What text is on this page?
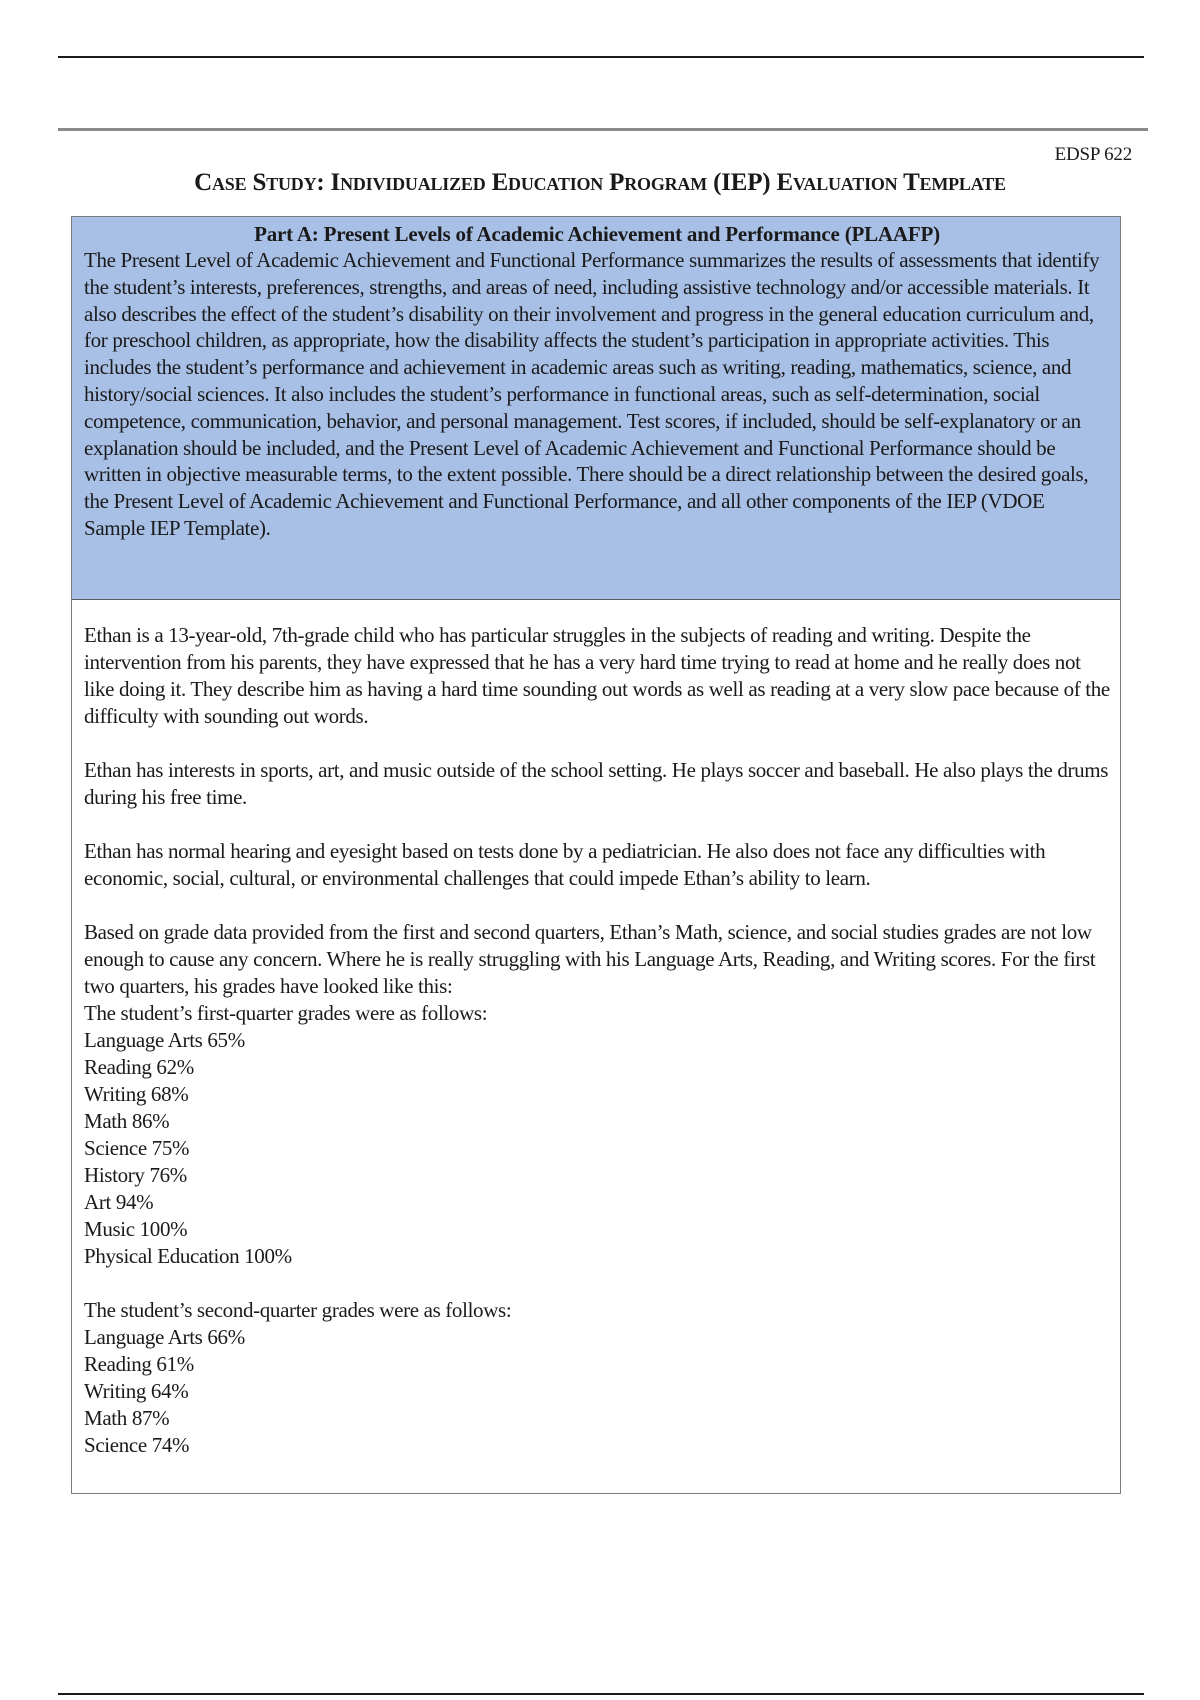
EDSP 622
Case Study: Individualized Education Program (IEP) Evaluation Template
Part A: Present Levels of Academic Achievement and Performance (PLAAFP)
The Present Level of Academic Achievement and Functional Performance summarizes the results of assessments that identify the student’s interests, preferences, strengths, and areas of need, including assistive technology and/or accessible materials. It also describes the effect of the student’s disability on their involvement and progress in the general education curriculum and, for preschool children, as appropriate, how the disability affects the student’s participation in appropriate activities. This includes the student’s performance and achievement in academic areas such as writing, reading, mathematics, science, and history/social sciences. It also includes the student’s performance in functional areas, such as self-determination, social competence, communication, behavior, and personal management. Test scores, if included, should be self-explanatory or an explanation should be included, and the Present Level of Academic Achievement and Functional Performance should be written in objective measurable terms, to the extent possible. There should be a direct relationship between the desired goals, the Present Level of Academic Achievement and Functional Performance, and all other components of the IEP (VDOE Sample IEP Template).

Ethan is a 13-year-old, 7th-grade child who has particular struggles in the subjects of reading and writing. Despite the intervention from his parents, they have expressed that he has a very hard time trying to read at home and he really does not like doing it. They describe him as having a hard time sounding out words as well as reading at a very slow pace because of the difficulty with sounding out words.

Ethan has interests in sports, art, and music outside of the school setting. He plays soccer and baseball. He also plays the drums during his free time.

Ethan has normal hearing and eyesight based on tests done by a pediatrician. He also does not face any difficulties with economic, social, cultural, or environmental challenges that could impede Ethan’s ability to learn.

Based on grade data provided from the first and second quarters, Ethan’s Math, science, and social studies grades are not low enough to cause any concern. Where he is really struggling with his Language Arts, Reading, and Writing scores. For the first two quarters, his grades have looked like this:
The student’s first-quarter grades were as follows:
Language Arts 65%
Reading 62%
Writing 68%
Math 86%
Science 75%
History 76%
Art 94%
Music 100%
Physical Education 100%
The student’s second-quarter grades were as follows:
Language Arts 66%
Reading 61%
Writing 64%
Math 87%
Science 74%
